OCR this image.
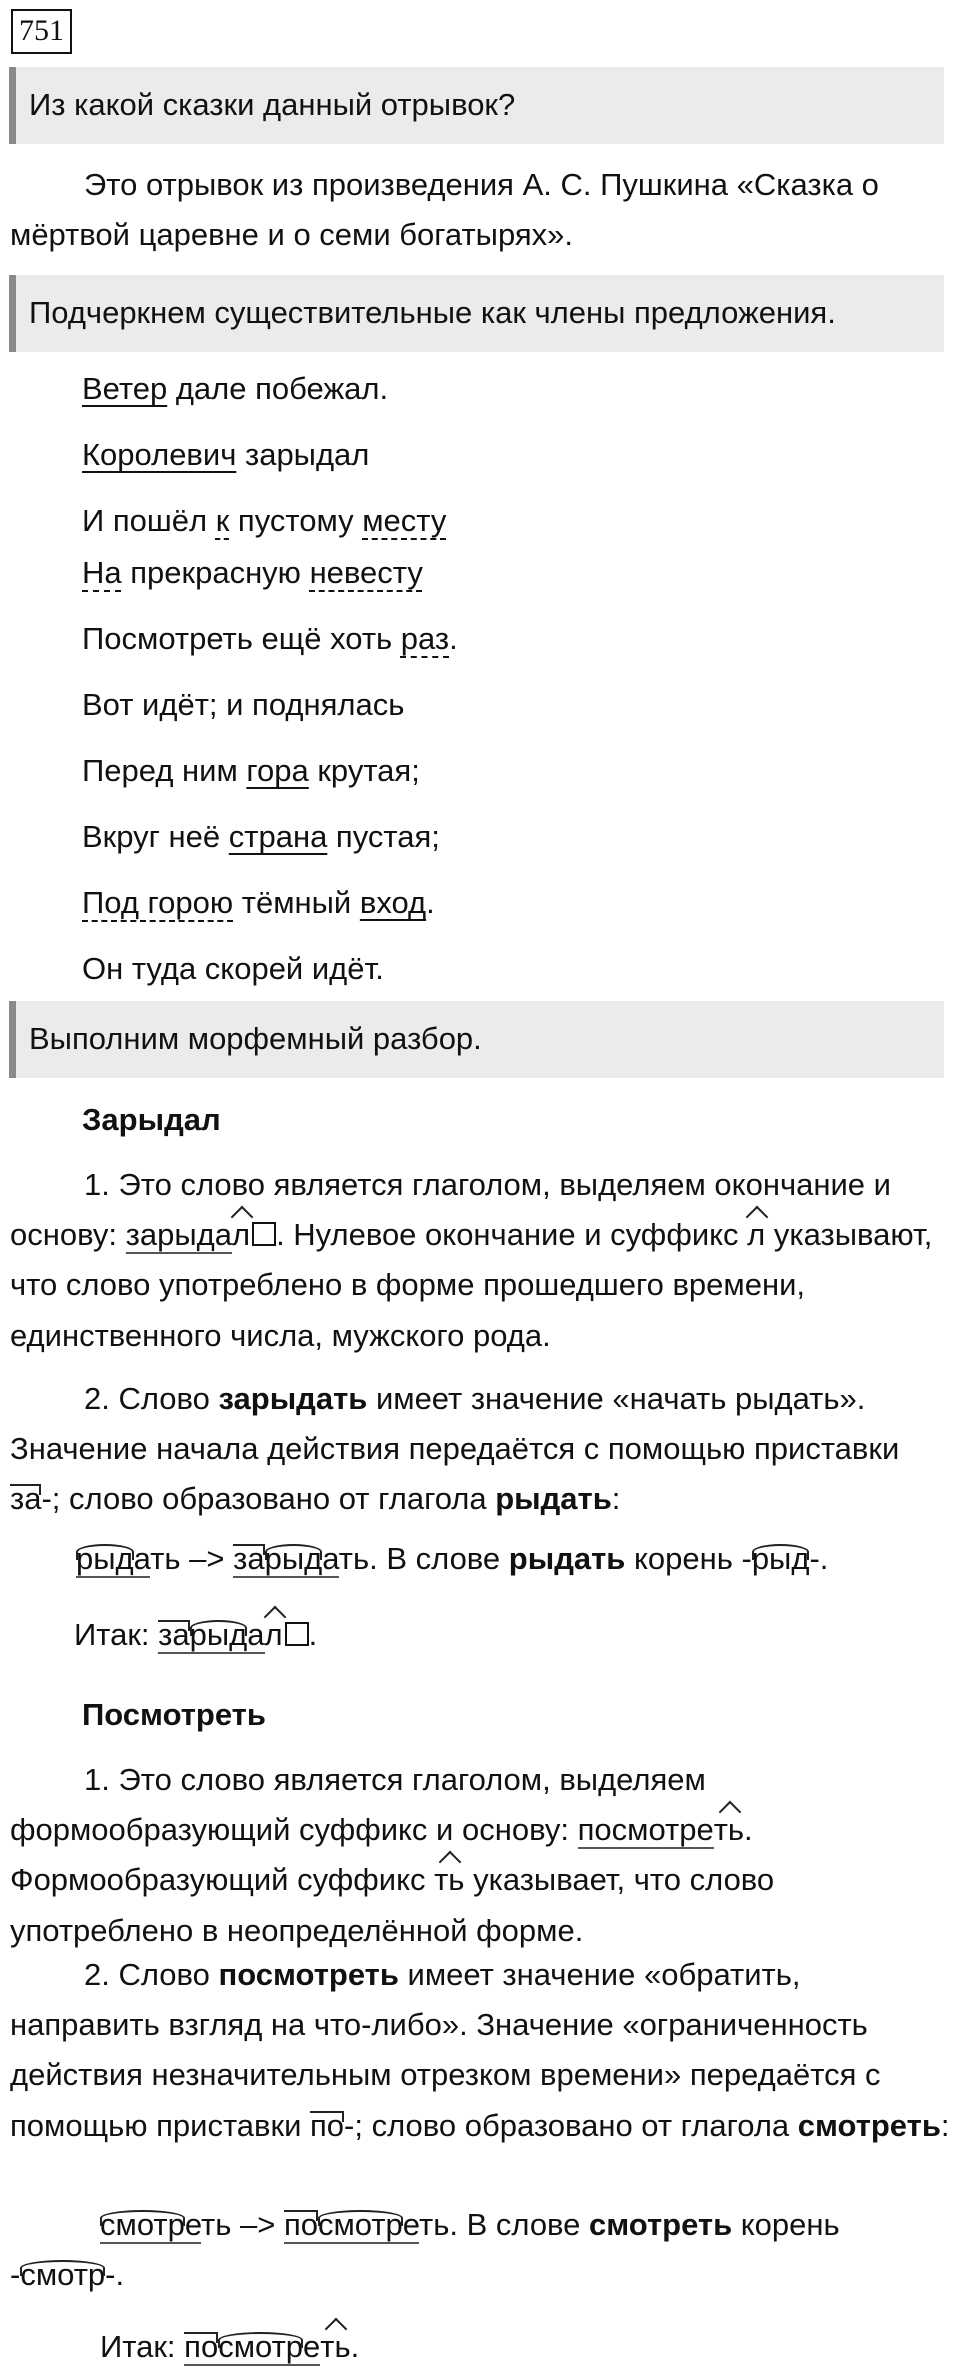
751
Из какой сказки данный отрывок?
Это отрывок из произведения А. С. Пушкина «Сказка о мёртвой царевне и о семи богатырях».
Подчеркнем существительные как члены предложения.
Ветер дале побежал.
Королевич зарыдал
И пошёл к пустому месту
На прекрасную невесту
Посмотреть ещё хоть раз.
Вот идёт; и поднялась
Перед ним гора крутая;
Вкруг неё страна пустая;
Под горою тёмный вход.
Он туда скорей идёт.
Выполним морфемный разбор.
Зарыдал
1. Это слово является глаголом, выделяем окончание и основу: зарыдал . Нулевое окончание и суффикс л указывают, что слово употреблено в форме прошедшего времени, единственного числа, мужского рода.
2. Слово зарыдать имеет значение «начать рыдать». Значение начала действия передаётся с помощью приставки за-; слово образовано от глагола рыдать:
рыдать –> зарыдать. В слове рыдать корень -рыд-.
Итак: зарыдал .
Посмотреть
1. Это слово является глаголом, выделяем формообразующий суффикс и основу: посмотреть. Формообразующий суффикс ть указывает, что слово употреблено в неопределённой форме.
2. Слово посмотреть имеет значение «обратить, направить взгляд на что-либо». Значение «ограниченность действия незначительным отрезком времени» передаётся с помощью приставки по-; слово образовано от глагола смотреть:
смотреть –> посмотреть. В слове смотреть корень -смотр-.
Итак: посмотреть.
